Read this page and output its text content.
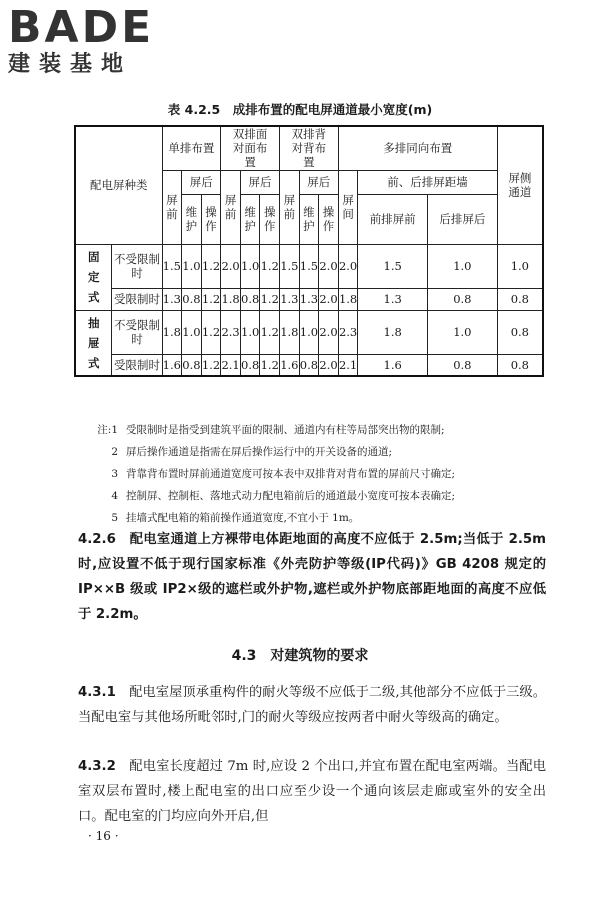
BADE
建装基地
表 4.2.5　成排布置的配电屏通道最小宽度(m)
配电屏种类		单排布置			双排面对面布置			双排背对背布置			多排同向布置			屏侧通道
		屏前	屏后		屏前	屏后		屏前	屏后		屏间	前、后排屏距墙		
			维护	操作		维护	操作		维护	操作		前排屏前	后排屏后	
固定式	不受限制时	1.5	1.0	1.2	2.0	1.0	1.2	1.5	1.5	2.0	2.0	1.5	1.0	1.0
	受限制时	1.3	0.8	1.2	1.8	0.8	1.2	1.3	1.3	2.0	1.8	1.3	0.8	0.8
抽屉式	不受限制时	1.8	1.0	1.2	2.3	1.0	1.2	1.8	1.0	2.0	2.3	1.8	1.0	0.8
	受限制时	1.6	0.8	1.2	2.1	0.8	1.2	1.6	0.8	2.0	2.1	1.6	0.8	0.8
注:1 受限制时是指受到建筑平面的限制、通道内有柱等局部突出物的限制;
2 屏后操作通道是指需在屏后操作运行中的开关设备的通道;
3 背靠背布置时屏前通道宽度可按本表中双排背对背布置的屏前尺寸确定;
4 控制屏、控制柜、落地式动力配电箱前后的通道最小宽度可按本表确定;
5 挂墙式配电箱的箱前操作通道宽度,不宜小于 1m。
4.2.6　 配电室通道上方裸带电体距地面的高度不应低于 2.5m;当低于 2.5m 时,应设置不低于现行国家标准《外壳防护等级(IP代码)》GB 4208 规定的 IP××B 级或 IP2×级的遮栏或外护物,遮栏或外护物底部距地面的高度不应低于 2.2m。
4.3　对建筑物的要求
4.3.1　 配电室屋顶承重构件的耐火等级不应低于二级,其他部分不应低于三级。当配电室与其他场所毗邻时,门的耐火等级应按两者中耐火等级高的确定。
4.3.2　 配电室长度超过 7m 时,应设 2 个出口,并宜布置在配电室两端。当配电室双层布置时,楼上配电室的出口应至少设一个通向该层走廊或室外的安全出口。配电室的门均应向外开启,但
· 16 ·
